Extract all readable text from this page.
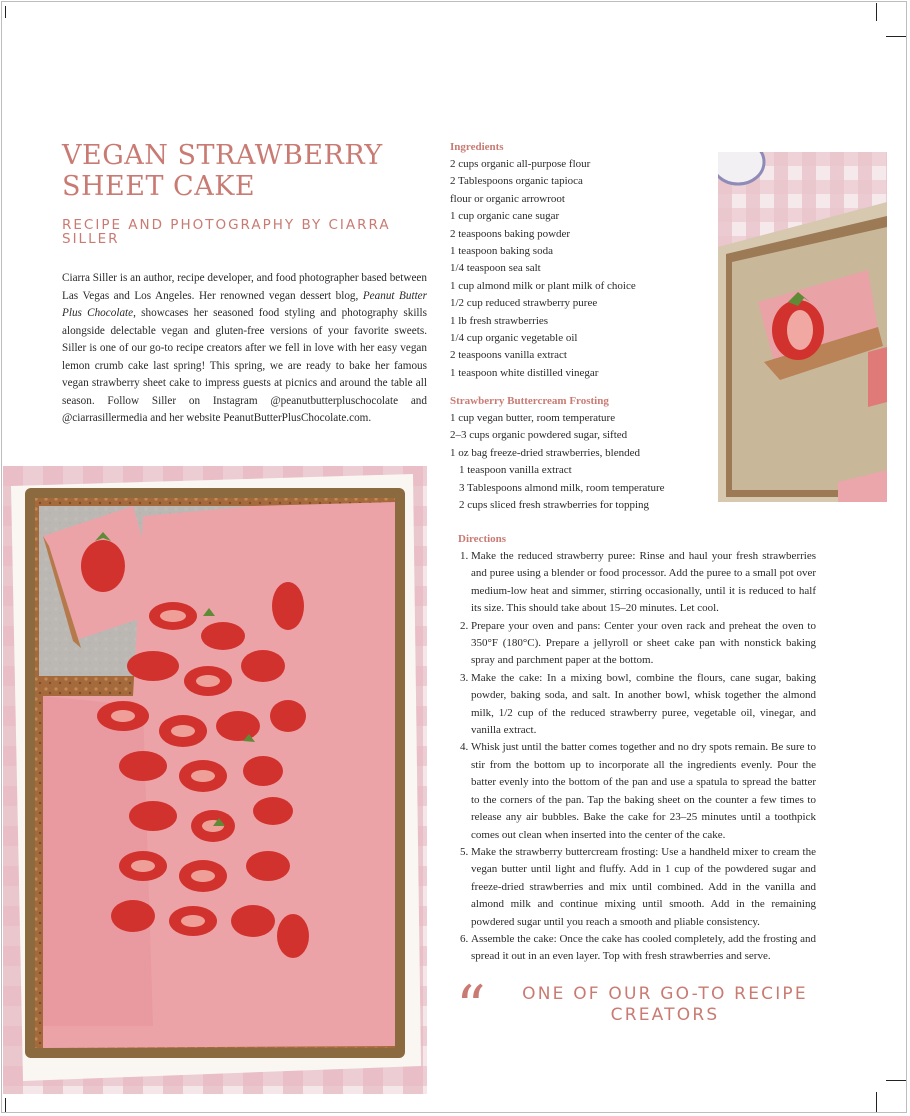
VEGAN STRAWBERRY SHEET CAKE
RECIPE AND PHOTOGRAPHY BY CIARRA SILLER

Ciarra Siller is an author, recipe developer, and food photographer based between Las Vegas and Los Angeles. Her renowned vegan dessert blog, Peanut Butter Plus Chocolate, showcases her seasoned food styling and photography skills alongside delectable vegan and gluten-free versions of your favorite sweets. Siller is one of our go-to recipe creators after we fell in love with her easy vegan lemon crumb cake last spring! This spring, we are ready to bake her famous vegan strawberry sheet cake to impress guests at picnics and around the table all season. Follow Siller on Instagram @peanutbutterpluschocolate and @ciarrasillermedia and her website PeanutButterPlusChocolate.com.

Ingredients
2 cups organic all-purpose flour
2 Tablespoons organic tapioca
flour or organic arrowroot
1 cup organic cane sugar
2 teaspoons baking powder
1 teaspoon baking soda
1/4 teaspoon sea salt
1 cup almond milk or plant milk of choice
1/2 cup reduced strawberry puree
1 lb fresh strawberries
1/4 cup organic vegetable oil
2 teaspoons vanilla extract
1 teaspoon white distilled vinegar
Strawberry Buttercream Frosting
1 cup vegan butter, room temperature
2–3 cups organic powdered sugar, sifted
1 oz bag freeze-dried strawberries, blended
1 teaspoon vanilla extract
3 Tablespoons almond milk, room temperature
2 cups sliced fresh strawberries for topping
Directions
1. Make the reduced strawberry puree: Rinse and haul your fresh strawberries and puree using a blender or food processor. Add the puree to a small pot over medium-low heat and simmer, stirring occasionally, until it is reduced to half its size. This should take about 15–20 minutes. Let cool.
2. Prepare your oven and pans: Center your oven rack and preheat the oven to 350°F (180°C). Prepare a jellyroll or sheet cake pan with nonstick baking spray and parchment paper at the bottom.
3. Make the cake: In a mixing bowl, combine the flours, cane sugar, baking powder, baking soda, and salt. In another bowl, whisk together the almond milk, 1/2 cup of the reduced strawberry puree, vegetable oil, vinegar, and vanilla extract.
4. Whisk just until the batter comes together and no dry spots remain. Be sure to stir from the bottom up to incorporate all the ingredients evenly. Pour the batter evenly into the bottom of the pan and use a spatula to spread the batter to the corners of the pan. Tap the baking sheet on the counter a few times to release any air bubbles. Bake the cake for 23–25 minutes until a toothpick comes out clean when inserted into the center of the cake.
5. Make the strawberry buttercream frosting: Use a handheld mixer to cream the vegan butter until light and fluffy. Add in 1 cup of the powdered sugar and freeze-dried strawberries and mix until combined. Add in the vanilla and almond milk and continue mixing until smooth. Add in the remaining powdered sugar until you reach a smooth and pliable consistency.
6. Assemble the cake: Once the cake has cooled completely, add the frosting and spread it out in an even layer. Top with fresh strawberries and serve.
“ ONE OF OUR GO-TO RECIPE CREATORS
